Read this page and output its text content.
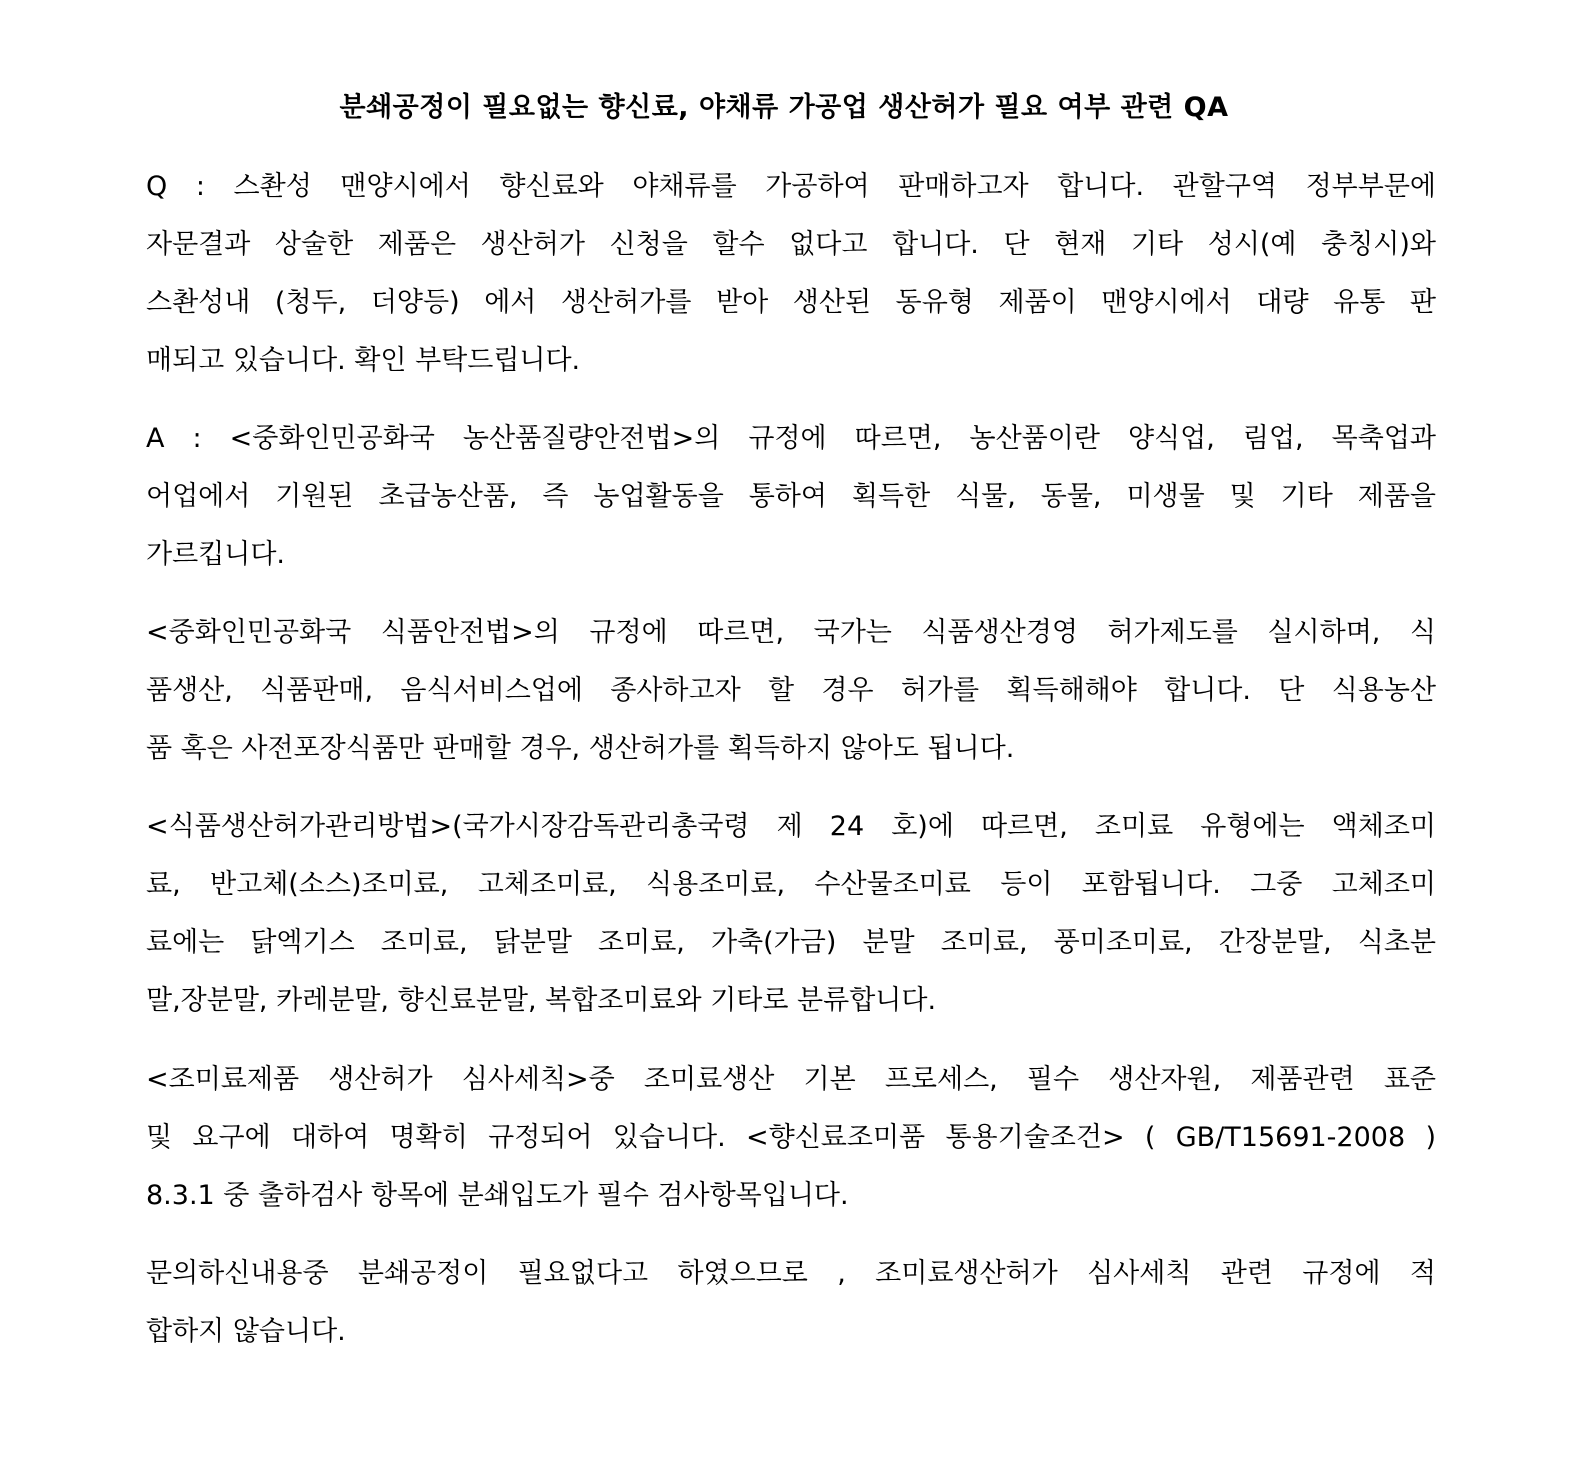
분쇄공정이 필요없는 향신료, 야채류 가공업 생산허가 필요 여부 관련 QA
Q : 스촨성 맨양시에서 향신료와 야채류를 가공하여 판매하고자 합니다. 관할구역 정부부문에
자문결과 상술한 제품은 생산허가 신청을 할수 없다고 합니다. 단 현재 기타 성시(예 충칭시)와
스촨성내 (청두, 더양등) 에서 생산허가를 받아 생산된 동유형 제품이 맨양시에서 대량 유통 판
매되고 있습니다. 확인 부탁드립니다.
A : <중화인민공화국 농산품질량안전법>의 규정에 따르면, 농산품이란 양식업, 림업, 목축업과
어업에서 기원된 초급농산품, 즉 농업활동을 통하여 획득한 식물, 동물, 미생물 및 기타 제품을
가르킵니다.
<중화인민공화국 식품안전법>의 규정에 따르면, 국가는 식품생산경영 허가제도를 실시하며, 식
품생산, 식품판매, 음식서비스업에 종사하고자 할 경우 허가를 획득해해야 합니다. 단 식용농산
품 혹은 사전포장식품만 판매할 경우, 생산허가를 획득하지 않아도 됩니다.
<식품생산허가관리방법>(국가시장감독관리총국령 제 24 호)에 따르면, 조미료 유형에는 액체조미
료, 반고체(소스)조미료, 고체조미료, 식용조미료, 수산물조미료 등이 포함됩니다. 그중 고체조미
료에는 닭엑기스 조미료, 닭분말 조미료, 가축(가금) 분말 조미료, 풍미조미료, 간장분말, 식초분
말,장분말, 카레분말, 향신료분말, 복합조미료와 기타로 분류합니다.
<조미료제품 생산허가 심사세칙>중 조미료생산 기본 프로세스, 필수 생산자원, 제품관련 표준
및 요구에 대하여 명확히 규정되어 있습니다. <향신료조미품 통용기술조건> ( GB/T15691-2008 )
8.3.1 중 출하검사 항목에 분쇄입도가 필수 검사항목입니다.
문의하신내용중 분쇄공정이 필요없다고 하였으므로 , 조미료생산허가 심사세칙 관련 규정에 적
합하지 않습니다.
